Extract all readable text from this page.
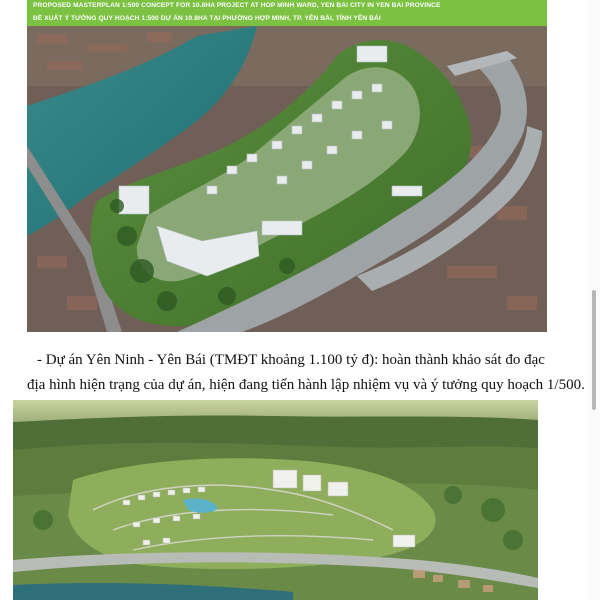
PROPOSED MASTERPLAN 1:500 CONCEPT FOR 10.8HA PROJECT AT HOP MINH WARD, YEN BAI CITY IN YEN BAI PROVINCE
ĐỀ XUẤT Ý TƯỞNG QUY HOẠCH 1:500 DỰ ÁN 10.8HA TẠI PHƯỜNG HỢP MINH, TP. YÊN BÁI, TỈNH YÊN BÁI
- Dự án Yên Ninh - Yên Bái (TMĐT khoảng 1.100 tỷ đ): hoàn thành khảo sát đo đạc
địa hình hiện trạng của dự án, hiện đang tiến hành lập nhiệm vụ và ý tưởng quy hoạch 1/500.
